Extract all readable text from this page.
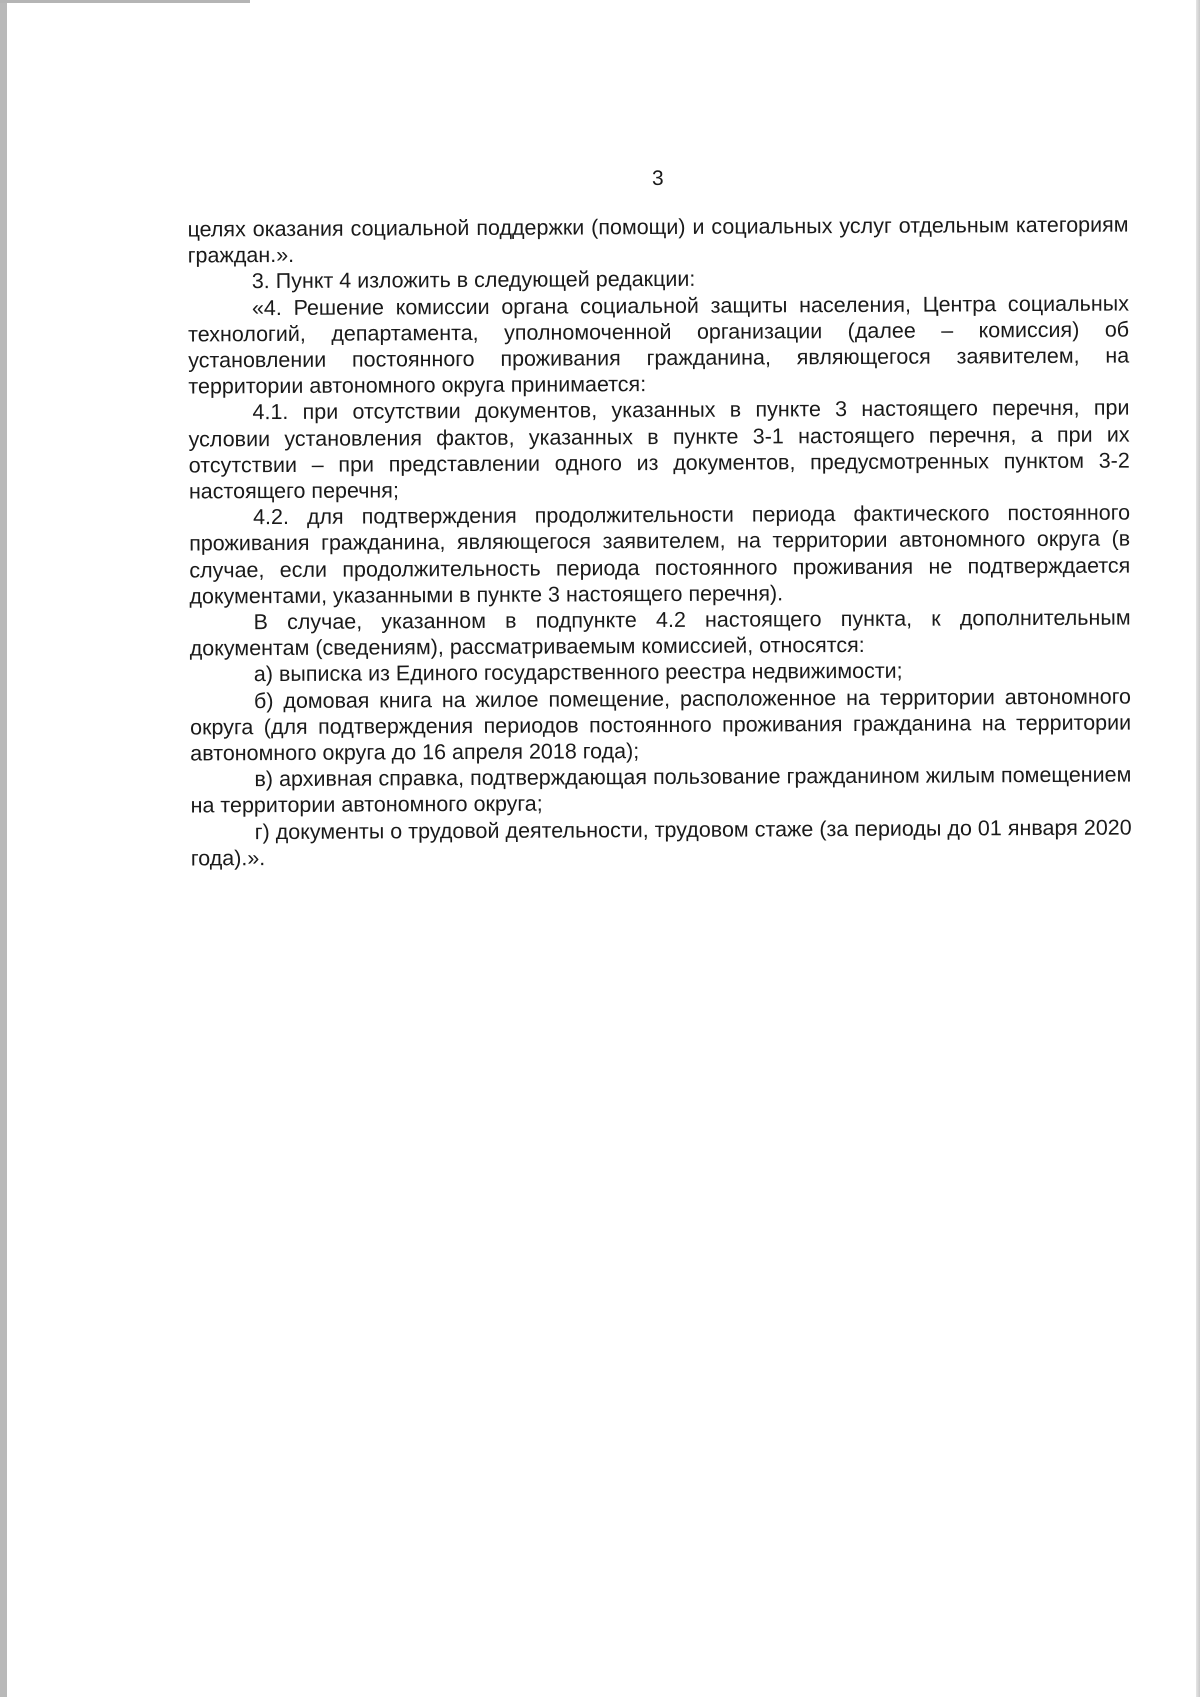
3

целях оказания социальной поддержки (помощи) и социальных услуг отдельным категориям граждан.».

3. Пункт 4 изложить в следующей редакции:

«4. Решение комиссии органа социальной защиты населения, Центра социальных технологий, департамента, уполномоченной организации (далее – комиссия) об установлении постоянного проживания гражданина, являющегося заявителем, на территории автономного округа принимается:

4.1. при отсутствии документов, указанных в пункте 3 настоящего перечня, при условии установления фактов, указанных в пункте 3-1 настоящего перечня, а при их отсутствии – при представлении одного из документов, предусмотренных пунктом 3-2 настоящего перечня;

4.2. для подтверждения продолжительности периода фактического постоянного проживания гражданина, являющегося заявителем, на территории автономного округа (в случае, если продолжительность периода постоянного проживания не подтверждается документами, указанными в пункте 3 настоящего перечня).

В случае, указанном в подпункте 4.2 настоящего пункта, к дополнительным документам (сведениям), рассматриваемым комиссией, относятся:

а) выписка из Единого государственного реестра недвижимости;

б) домовая книга на жилое помещение, расположенное на территории автономного округа (для подтверждения периодов постоянного проживания гражданина на территории автономного округа до 16 апреля 2018 года);

в) архивная справка, подтверждающая пользование гражданином жилым помещением на территории автономного округа;

г) документы о трудовой деятельности, трудовом стаже (за периоды до 01 января 2020 года).».
